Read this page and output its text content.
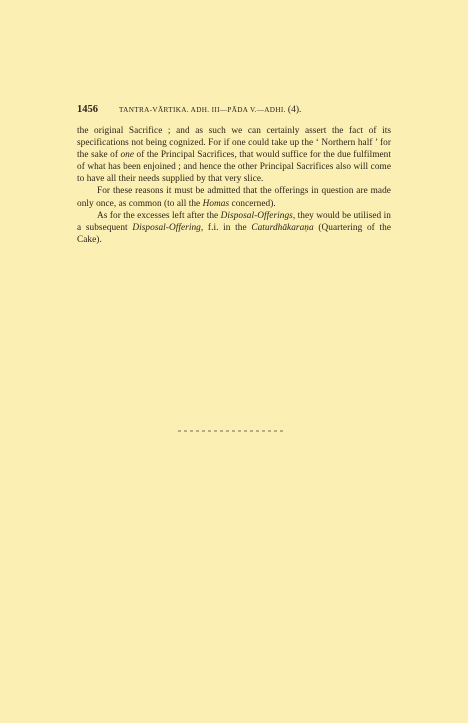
1456	TANTRA-VĀRTIKA. ADH. III—PĀDA V.—ADHI. (4).

the original Sacrifice ; and as such we can certainly assert the fact of its specifications not being cognized. For if one could take up the ‘ Northern half ’ for the sake of one of the Principal Sacrifices, that would suffice for the due fulfilment of what has been enjoined ; and hence the other Principal Sacrifices also will come to have all their needs supplied by that very slice.

For these reasons it must be admitted that the offerings in question are made only once, as common (to all the Homas concerned).

As for the excesses left after the Disposal-Offerings, they would be utilised in a subsequent Disposal-Offering, f.i. in the Caturdhākaraṇa (Quartering of the Cake).
